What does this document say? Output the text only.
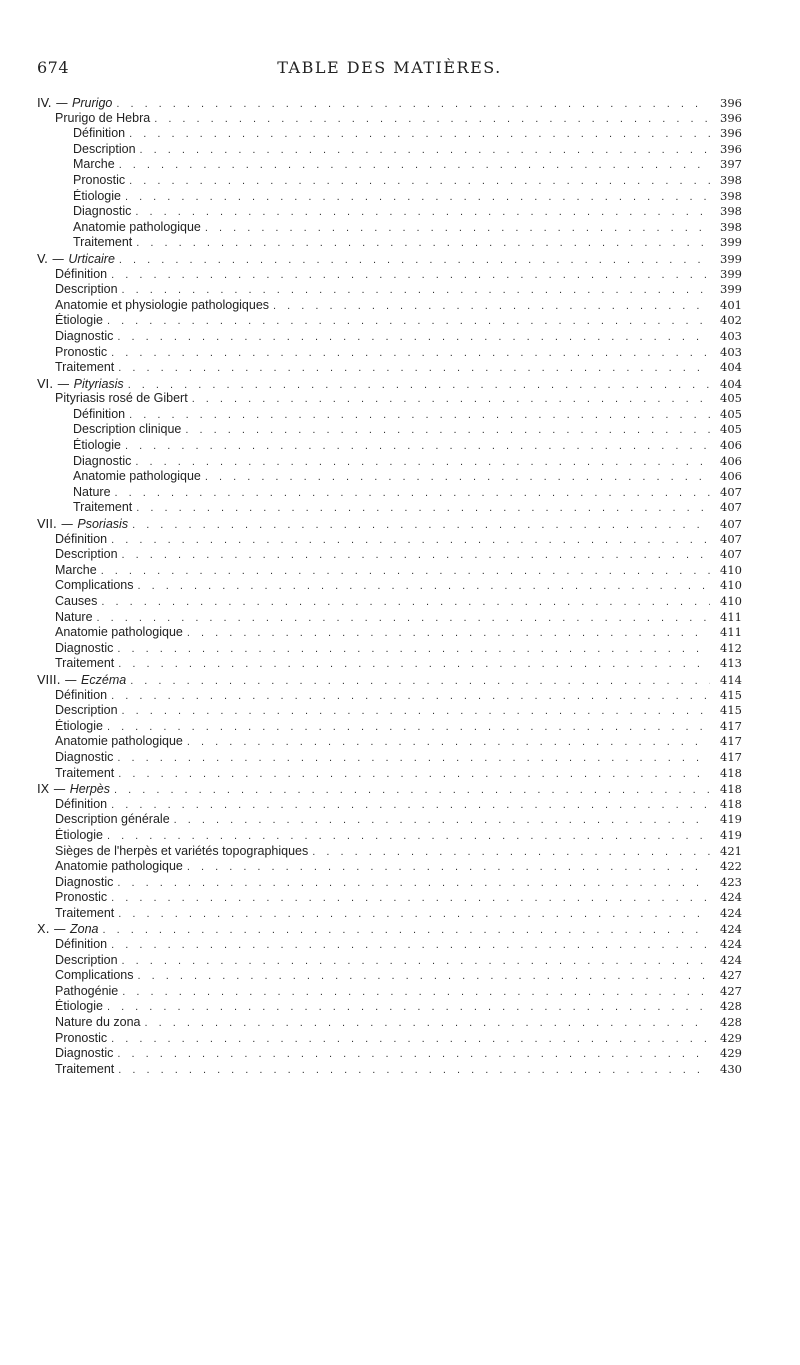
674	TABLE DES MATIÈRES.
IV. — Prurigo . . .	396
Prurigo de Hebra . . .	396
Définition . . .	396
Description . . .	396
Marche . . .	397
Pronostic . . .	398
Étiologie . . .	398
Diagnostic . . .	398
Anatomie pathologique . . .	398
Traitement . . .	399
V. — Urticaire . . .	399
Définition . . .	399
Description . . .	399
Anatomie et physiologie pathologiques . . .	401
Étiologie . . .	402
Diagnostic . . .	403
Pronostic . . .	403
Traitement . . .	404
VI. — Pityriasis . . .	404
Pityriasis rosé de Gibert . . .	405
Définition . . .	405
Description clinique . . .	405
Étiologie . . .	406
Diagnostic . . .	406
Anatomie pathologique . . .	406
Nature . . .	407
Traitement . . .	407
VII. — Psoriasis . . .	407
Définition . . .	407
Description . . .	407
Marche . . .	410
Complications . . .	410
Causes . . .	410
Nature . . .	411
Anatomie pathologique . . .	411
Diagnostic . . .	412
Traitement . . .	413
VIII. — Eczéma . . .	414
Définition . . .	415
Description . . .	415
Étiologie . . .	417
Anatomie pathologique . . .	417
Diagnostic . . .	417
Traitement . . .	418
IX — Herpès . . .	418
Définition . . .	418
Description générale . . .	419
Étiologie . . .	419
Sièges de l'herpès et variétés topographiques . . .	421
Anatomie pathologique . . .	422
Diagnostic . . .	423
Pronostic . . .	424
Traitement . . .	424
X. — Zona . . .	424
Définition . . .	424
Description . . .	424
Complications . . .	427
Pathogénie . . .	427
Étiologie . . .	428
Nature du zona . . .	428
Pronostic . . .	429
Diagnostic . . .	429
Traitement . . .	430
